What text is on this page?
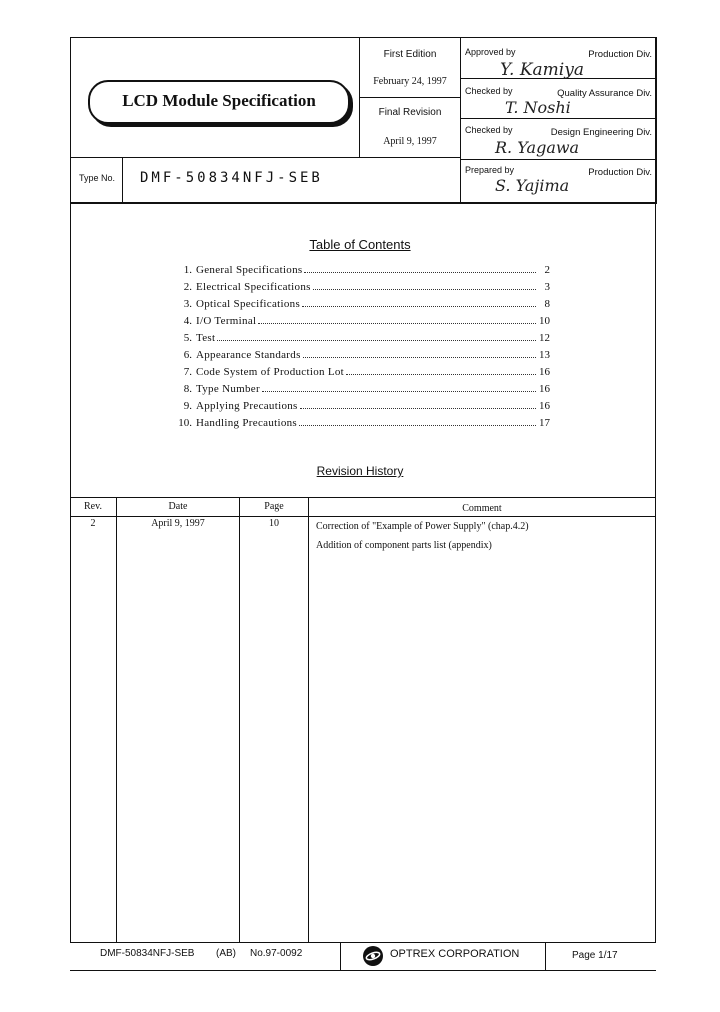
LCD Module Specification
First Edition
February 24, 1997
Final Revision
April 9, 1997
Type No.	DMF-50834NFJ-SEB
Approved by	Production Div.
Y. Kamiya
Checked by	Quality Assurance Div.
T. Noshi
Checked by	Design Engineering Div.
R. Yagawa
Prepared by	Production Div.
S. Yajima
Table of Contents
1. General Specifications	2
2. Electrical Specifications	3
3. Optical Specifications	8
4. I/O Terminal	10
5. Test	12
6. Appearance Standards	13
7. Code System of Production Lot	16
8. Type Number	16
9. Applying Precautions	16
10. Handling Precautions	17
Revision History
Rev.	Date	Page	Comment
2	April 9, 1997	10	Correction of "Example of Power Supply" (chap.4.2)
Addition of component parts list (appendix)
DMF-50834NFJ-SEB (AB) No.97-0092	OPTREX CORPORATION	Page 1/17
